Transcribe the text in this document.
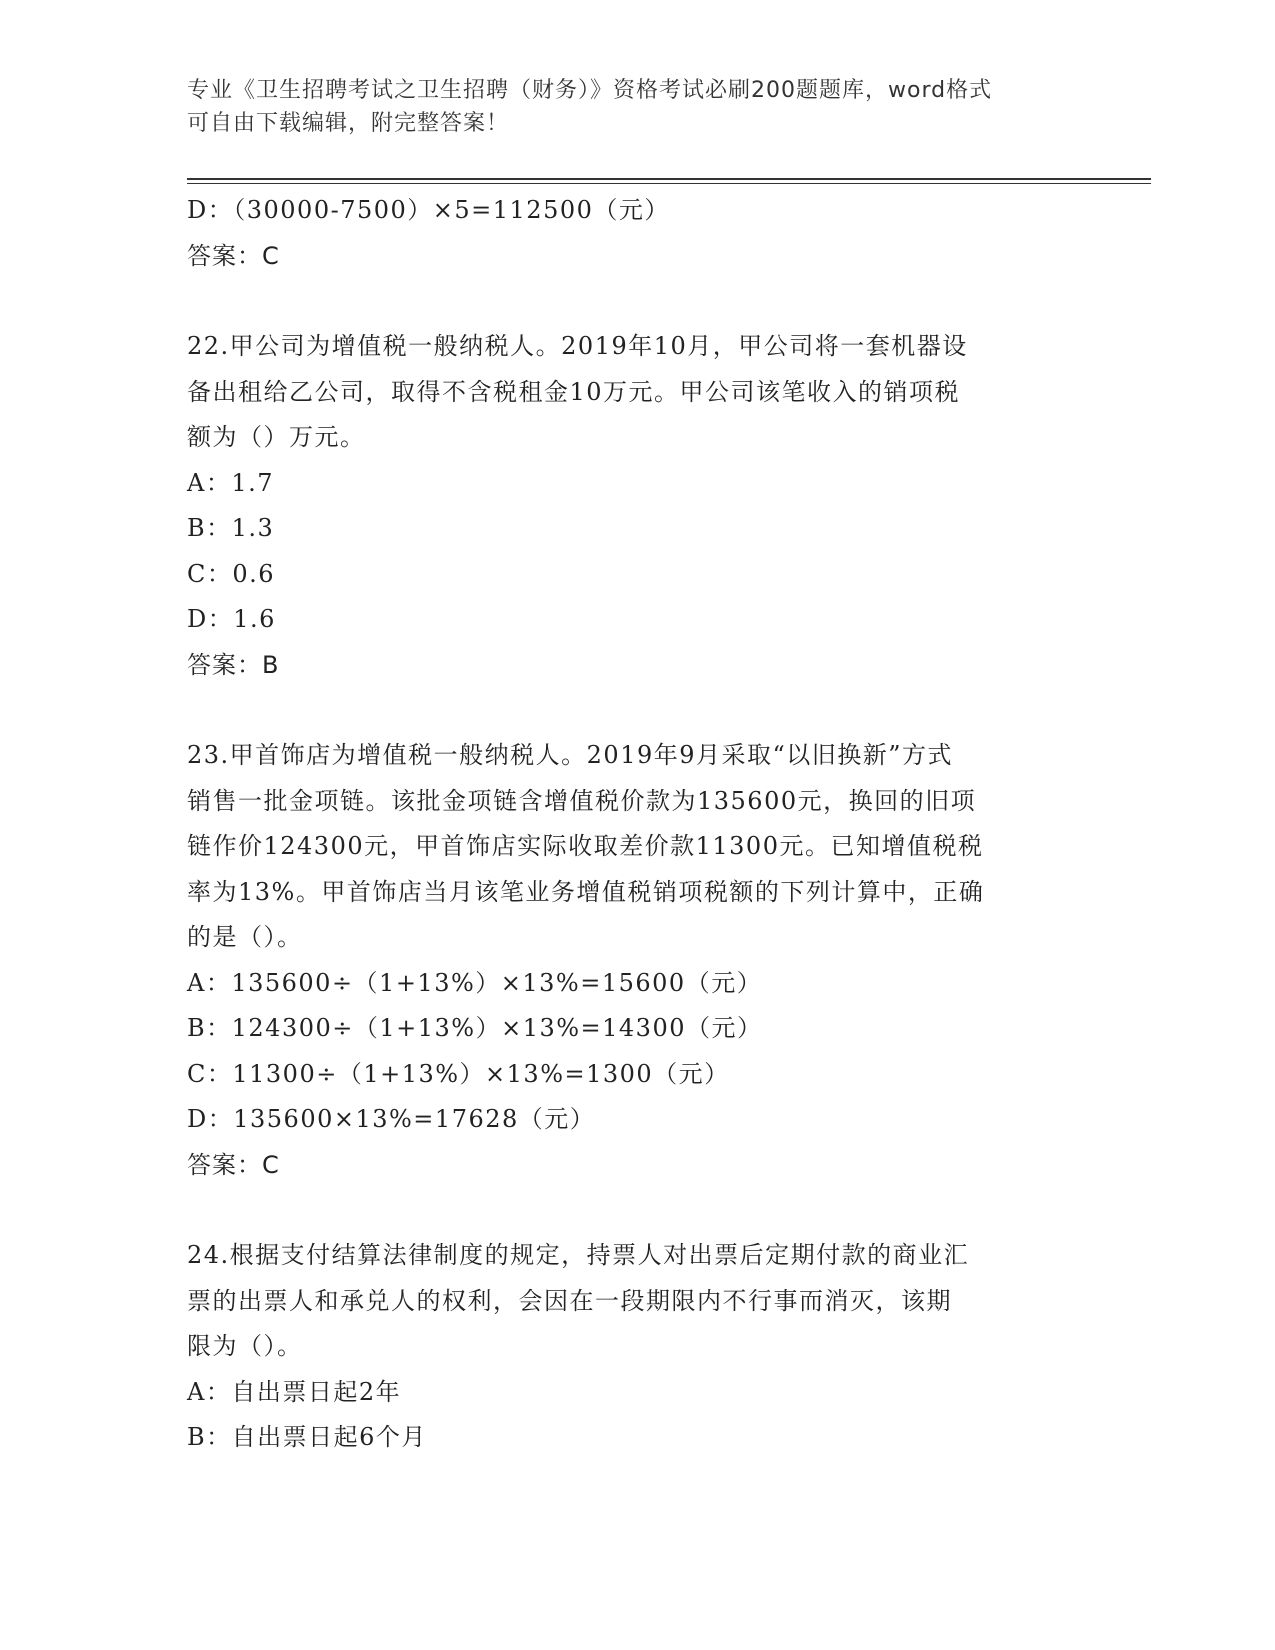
专业《卫生招聘考试之卫生招聘（财务）》资格考试必刷200题题库，word格式
可自由下载编辑，附完整答案！
D：（30000-7500）×5=112500（元）
答案：C
22.甲公司为增值税一般纳税人。2019年10月，甲公司将一套机器设
备出租给乙公司，取得不含税租金10万元。甲公司该笔收入的销项税
额为（）万元。
A：1.7
B：1.3
C：0.6
D：1.6
答案：B
23.甲首饰店为增值税一般纳税人。2019年9月采取“以旧换新”方式
销售一批金项链。该批金项链含增值税价款为135600元，换回的旧项
链作价124300元，甲首饰店实际收取差价款11300元。已知增值税税
率为13%。甲首饰店当月该笔业务增值税销项税额的下列计算中，正确
的是（）。
A：135600÷（1+13%）×13%=15600（元）
B：124300÷（1+13%）×13%=14300（元）
C：11300÷（1+13%）×13%=1300（元）
D：135600×13%=17628（元）
答案：C
24.根据支付结算法律制度的规定，持票人对出票后定期付款的商业汇
票的出票人和承兑人的权利，会因在一段期限内不行事而消灭，该期
限为（）。
A：自出票日起2年
B：自出票日起6个月
